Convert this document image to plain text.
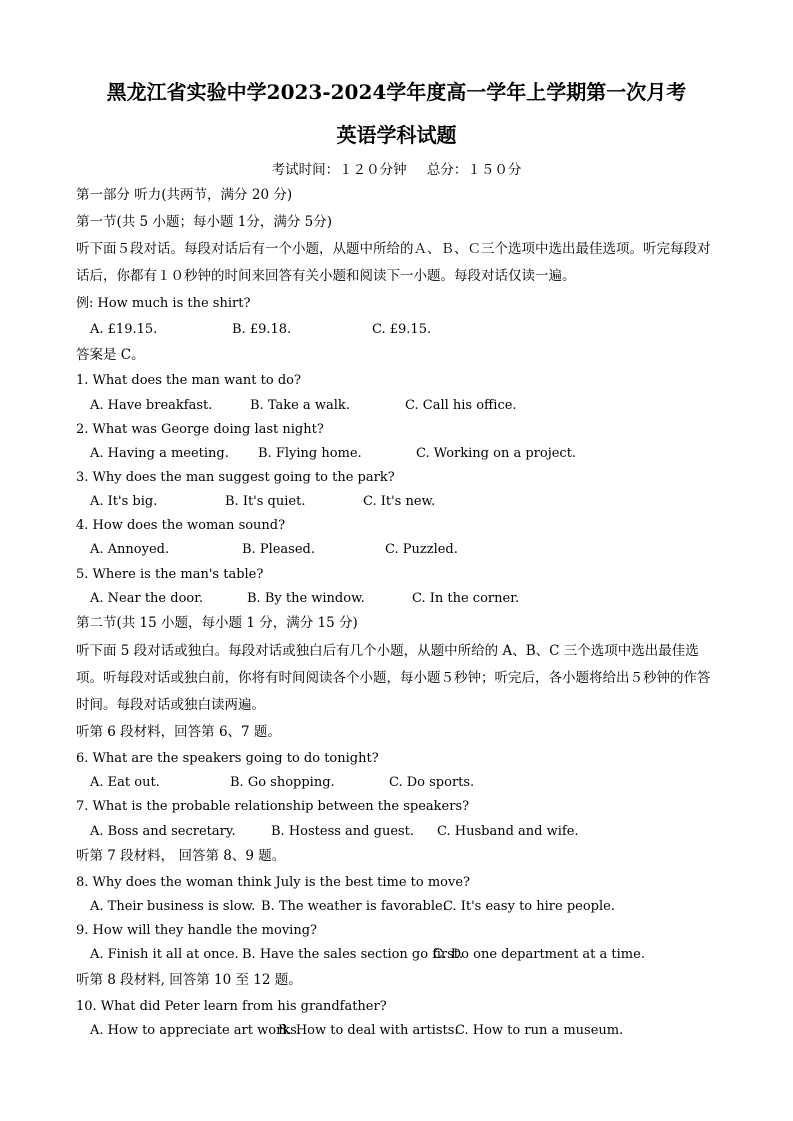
黑龙江省实验中学2023-2024学年度高一学年上学期第一次月考
英语学科试题
考试时间：１２０分钟 总分：１５０分
第一部分 听力(共两节，满分 20 分)
第一节(共 5 小题；每小题 1分，满分 5分)
听下面５段对话。每段对话后有一个小题，从题中所给的Ａ、Ｂ、Ｃ三个选项中选出最佳选项。听完每段对话后，你都有１０秒钟的时间来回答有关小题和阅读下一小题。每段对话仅读一遍。
例: How much is the shirt?
A. £19.15.	B. £9.18.	C. £9.15.
答案是 C。
1. What does the man want to do?
A. Have breakfast.	B. Take a walk.	C. Call his office.
2. What was George doing last night?
A. Having a meeting. B. Flying home.	C. Working on a project.
3. Why does the man suggest going to the park?
A. It's big.	B. It's quiet.	C. It's new.
4. How does the woman sound?
A. Annoyed.	B. Pleased.	C. Puzzled.
5. Where is the man's table?
A. Near the door.	B. By the window.	C. In the corner.
第二节(共 15 小题，每小题 1 分，满分 15 分)
听下面 5 段对话或独白。每段对话或独白后有几个小题，从题中所给的 A、B、C 三个选项中选出最佳选项。听每段对话或独白前，你将有时间阅读各个小题，每小题５秒钟；听完后，各小题将给出５秒钟的作答时间。每段对话或独白读两遍。
听第 6 段材料，回答第 6、7 题。
6. What are the speakers going to do tonight?
A. Eat out.	B. Go shopping.	C. Do sports.
7. What is the probable relationship between the speakers?
A. Boss and secretary.	B. Hostess and guest. C. Husband and wife.
听第 7 段材料， 回答第 8、9 题。
8. Why does the woman think July is the best time to move?
A. Their business is slow. B. The weather is favorable.
C. It's easy to hire people.
9. How will they handle the moving?
A. Finish it all at once. B. Have the sales section go first.
C. Do one department at a time.
听第 8 段材料, 回答第 10 至 12 题。
10. What did Peter learn from his grandfather?
A. How to appreciate art works.
B. How to deal with artists.
C. How to run a museum.
